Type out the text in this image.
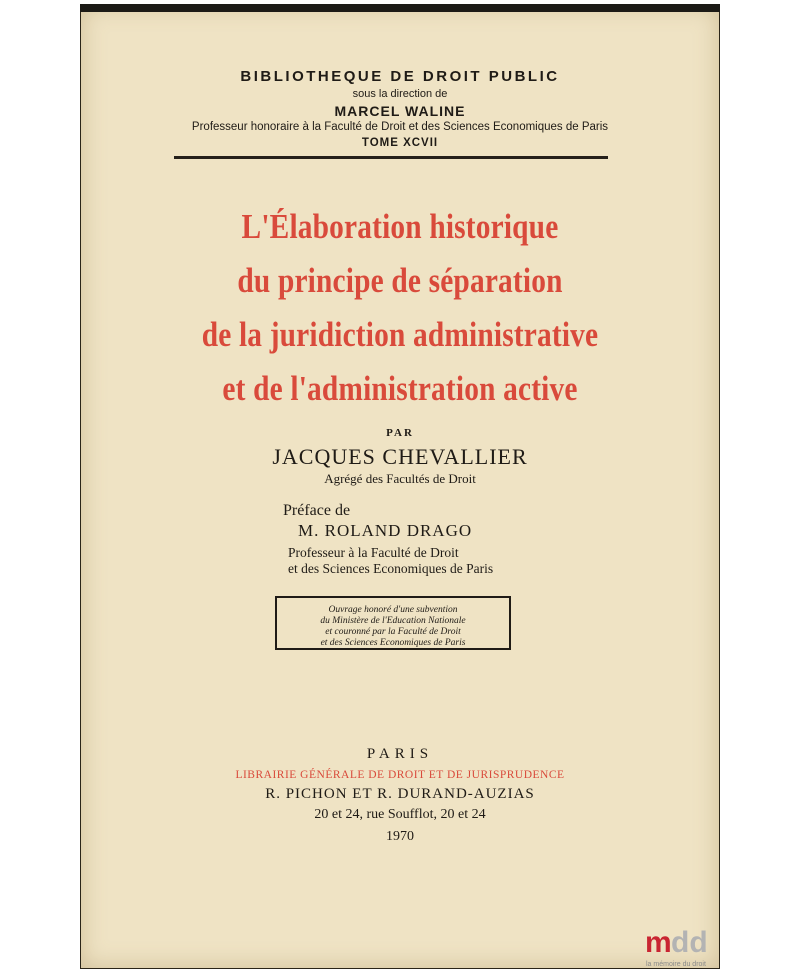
BIBLIOTHEQUE DE DROIT PUBLIC
sous la direction de
MARCEL WALINE
Professeur honoraire à la Faculté de Droit et des Sciences Economiques de Paris
TOME XCVII
L'Élaboration historique
du principe de séparation
de la juridiction administrative
et de l'administration active
PAR
JACQUES CHEVALLIER
Agrégé des Facultés de Droit
Préface de
M. ROLAND DRAGO
Professeur à la Faculté de Droit
et des Sciences Economiques de Paris
Ouvrage honoré d'une subvention
du Ministère de l'Education Nationale
et couronné par la Faculté de Droit
et des Sciences Economiques de Paris
PARIS
LIBRAIRIE GÉNÉRALE DE DROIT ET DE JURISPRUDENCE
R. PICHON ET R. DURAND-AUZIAS
20 et 24, rue Soufflot, 20 et 24
1970
m dd
la mémoire du droit
